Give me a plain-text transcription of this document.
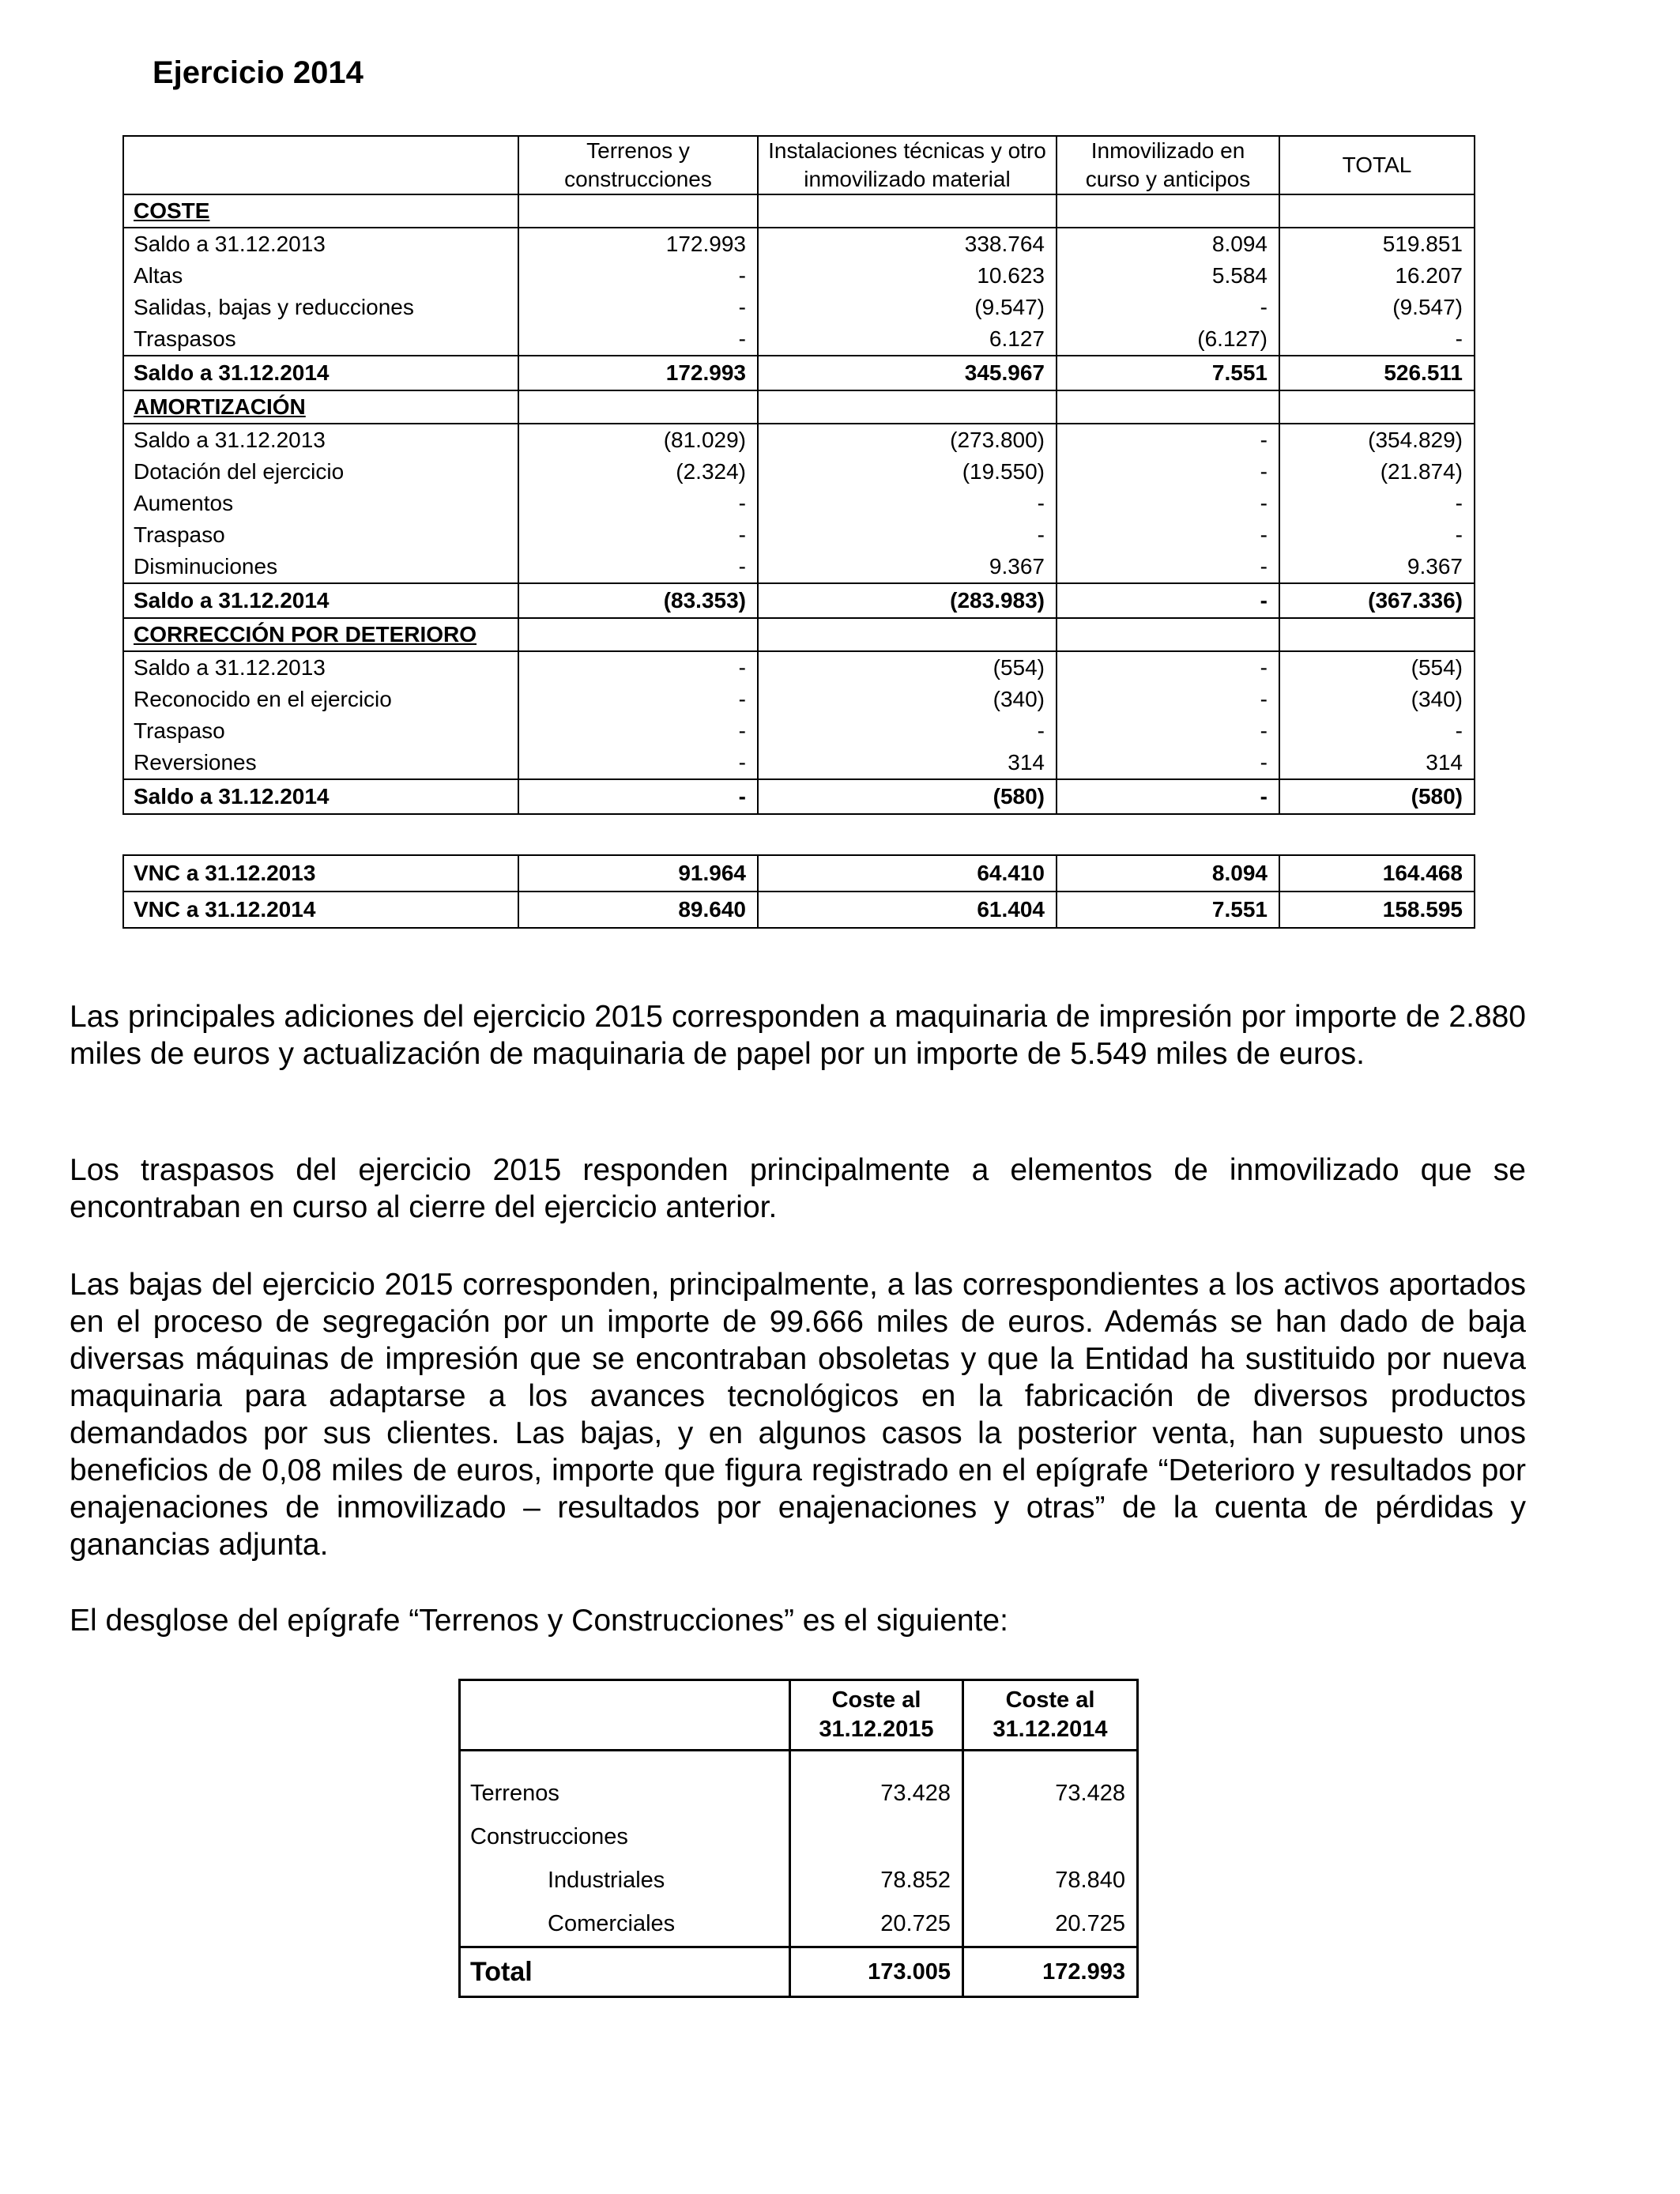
Ejercicio 2014
	Terrenos y construcciones	Instalaciones técnicas y otro inmovilizado material	Inmovilizado en curso y anticipos	TOTAL
COSTE				
Saldo a 31.12.2013	172.993	338.764	8.094	519.851
Altas	-	10.623	5.584	16.207
Salidas, bajas y reducciones	-	(9.547)	-	(9.547)
Traspasos	-	6.127	(6.127)	-
Saldo a 31.12.2014	172.993	345.967	7.551	526.511
AMORTIZACIÓN				
Saldo a 31.12.2013	(81.029)	(273.800)	-	(354.829)
Dotación del ejercicio	(2.324)	(19.550)	-	(21.874)
Aumentos	-	-	-	-
Traspaso	-	-	-	-
Disminuciones	-	9.367	-	9.367
Saldo a 31.12.2014	(83.353)	(283.983)	-	(367.336)
CORRECCIÓN POR DETERIORO				
Saldo a 31.12.2013	-	(554)	-	(554)
Reconocido en el ejercicio	-	(340)	-	(340)
Traspaso	-	-	-	-
Reversiones	-	314	-	314
Saldo a 31.12.2014	-	(580)	-	(580)

VNC a 31.12.2013	91.964	64.410	8.094	164.468
VNC a 31.12.2014	89.640	61.404	7.551	158.595

Las principales adiciones del ejercicio 2015 corresponden a maquinaria de impresión por importe de 2.880 miles de euros y actualización de maquinaria de papel por un importe de 5.549 miles de euros.

Los traspasos del ejercicio 2015 responden principalmente a elementos de inmovilizado que se encontraban en curso al cierre del ejercicio anterior.

Las bajas del ejercicio 2015 corresponden, principalmente, a las correspondientes a los activos aportados en el proceso de segregación por un importe de 99.666 miles de euros. Además se han dado de baja diversas máquinas de impresión que se encontraban obsoletas y que la Entidad ha sustituido por nueva maquinaria para adaptarse a los avances tecnológicos en la fabricación de diversos productos demandados por sus clientes. Las bajas, y en algunos casos la posterior venta, han supuesto unos beneficios de 0,08 miles de euros, importe que figura registrado en el epígrafe “Deterioro y resultados por enajenaciones de inmovilizado – resultados por enajenaciones y otras” de la cuenta de pérdidas y ganancias adjunta.

El desglose del epígrafe “Terrenos y Construcciones” es el siguiente:

	Coste al 31.12.2015	Coste al 31.12.2014

Terrenos	73.428	73.428
Construcciones		
Industriales	78.852	78.840
Comerciales	20.725	20.725
Total	173.005	172.993
